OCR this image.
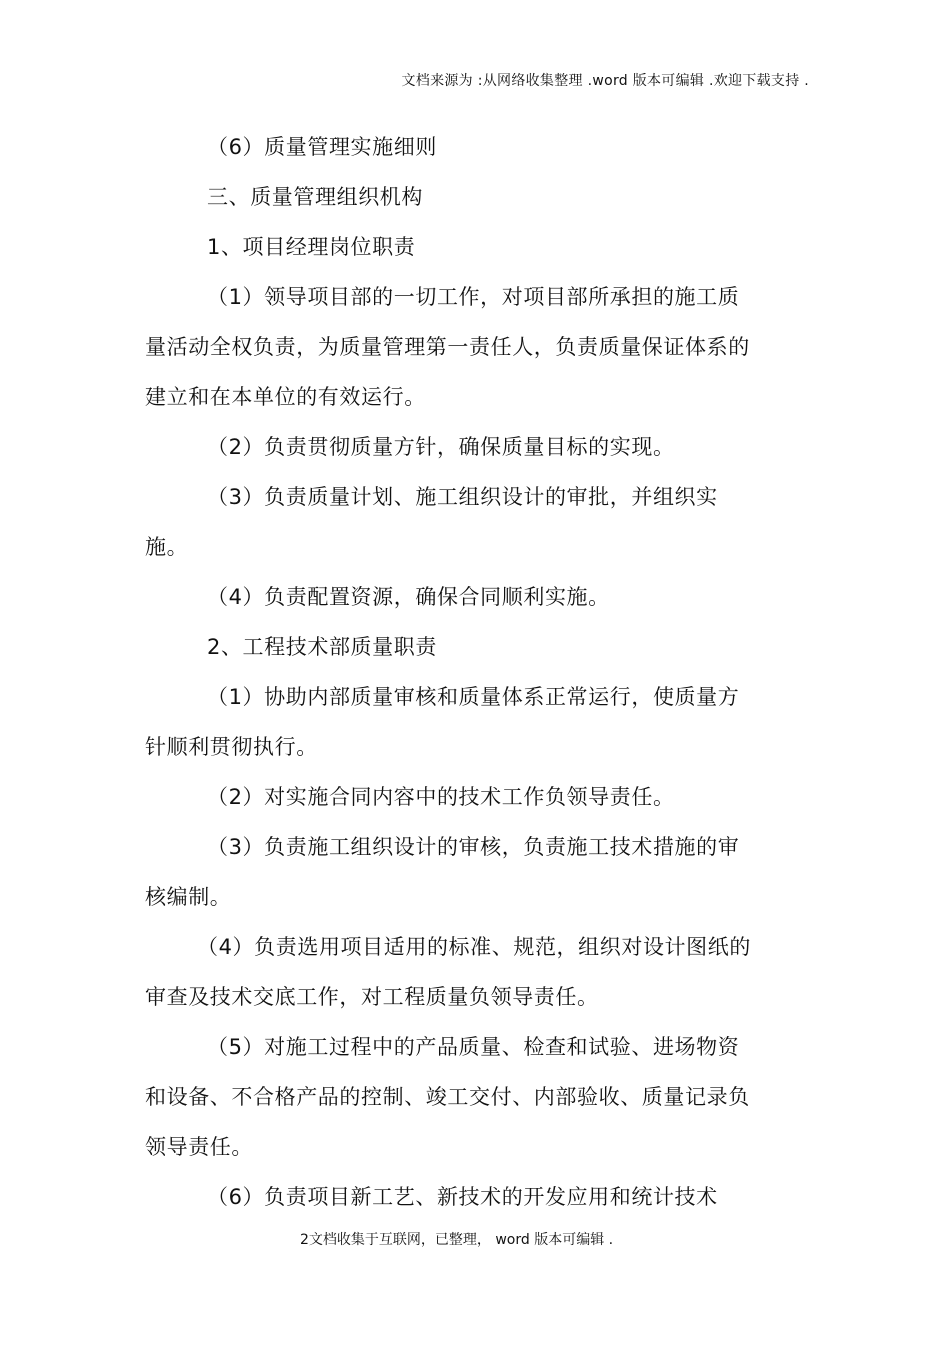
文档来源为 :从网络收集整理 .word 版本可编辑 .欢迎下载支持 .

（6）质量管理实施细则

三、质量管理组织机构

1、项目经理岗位职责

（1）领导项目部的一切工作，对项目部所承担的施工质量活动全权负责，为质量管理第一责任人，负责质量保证体系的建立和在本单位的有效运行。

（2）负责贯彻质量方针，确保质量目标的实现。

（3）负责质量计划、施工组织设计的审批，并组织实施。

（4）负责配置资源，确保合同顺利实施。

2、工程技术部质量职责

（1）协助内部质量审核和质量体系正常运行，使质量方针顺利贯彻执行。

（2）对实施合同内容中的技术工作负领导责任。

（3）负责施工组织设计的审核，负责施工技术措施的审核编制。

（4）负责选用项目适用的标准、规范，组织对设计图纸的审查及技术交底工作，对工程质量负领导责任。

（5）对施工过程中的产品质量、检查和试验、进场物资和设备、不合格产品的控制、竣工交付、内部验收、质量记录负领导责任。

（6）负责项目新工艺、新技术的开发应用和统计技术

2文档收集于互联网，已整理， word 版本可编辑 .
